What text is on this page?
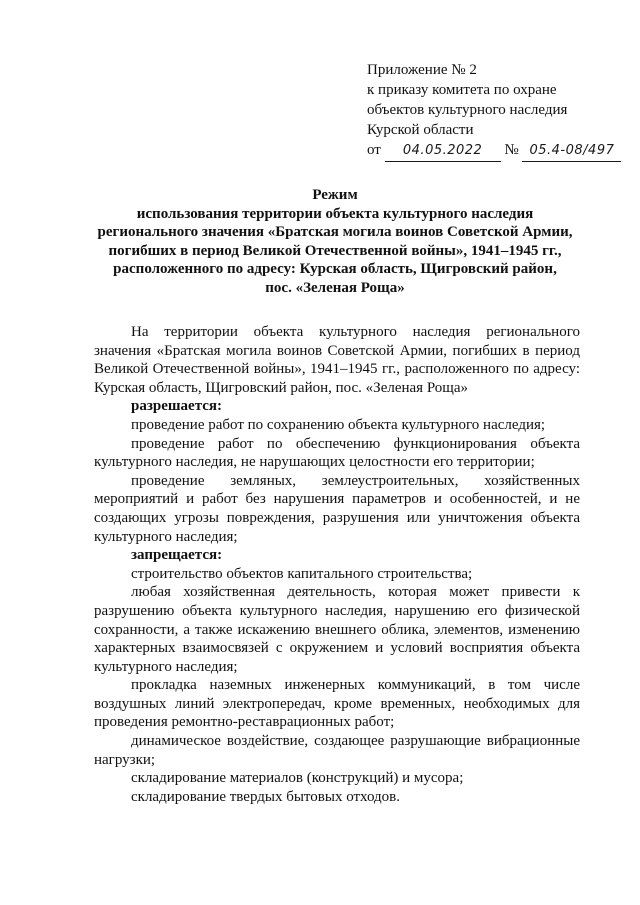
Приложение № 2
к приказу комитета по охране
объектов культурного наследия
Курской области
от 04.05.2022 № 05.4-08/497
Режим
использования территории объекта культурного наследия
регионального значения «Братская могила воинов Советской Армии,
погибших в период Великой Отечественной войны», 1941–1945 гг.,
расположенного по адресу: Курская область, Щигровский район,
пос. «Зеленая Роща»

На территории объекта культурного наследия регионального значения «Братская могила воинов Советской Армии, погибших в период Великой Отечественной войны», 1941–1945 гг., расположенного по адресу: Курская область, Щигровский район, пос. «Зеленая Роща»

разрешается:

проведение работ по сохранению объекта культурного наследия;

проведение работ по обеспечению функционирования объекта культурного наследия, не нарушающих целостности его территории;

проведение земляных, землеустроительных, хозяйственных мероприятий и работ без нарушения параметров и особенностей, и не создающих угрозы повреждения, разрушения или уничтожения объекта культурного наследия;

запрещается:

строительство объектов капитального строительства;

любая хозяйственная деятельность, которая может привести к разрушению объекта культурного наследия, нарушению его физической сохранности, а также искажению внешнего облика, элементов, изменению характерных взаимосвязей с окружением и условий восприятия объекта культурного наследия;

прокладка наземных инженерных коммуникаций, в том числе воздушных линий электропередач, кроме временных, необходимых для проведения ремонтно-реставрационных работ;

динамическое воздействие, создающее разрушающие вибрационные нагрузки;

складирование материалов (конструкций) и мусора;

складирование твердых бытовых отходов.
